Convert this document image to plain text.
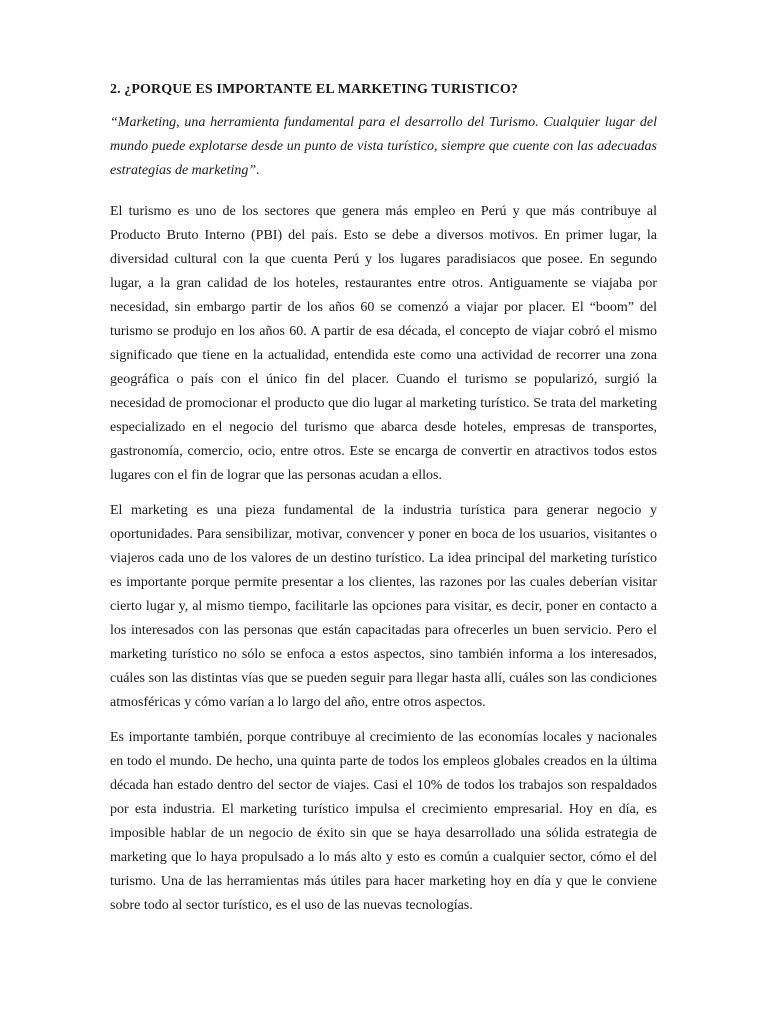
2. ¿PORQUE ES IMPORTANTE EL MARKETING TURISTICO?

“Marketing, una herramienta fundamental para el desarrollo del Turismo. Cualquier lugar del mundo puede explotarse desde un punto de vista turístico, siempre que cuente con las adecuadas estrategias de marketing”.

El turismo es uno de los sectores que genera más empleo en Perú y que más contribuye al Producto Bruto Interno (PBI) del país. Esto se debe a diversos motivos. En primer lugar, la diversidad cultural con la que cuenta Perú y los lugares paradisiacos que posee. En segundo lugar, a la gran calidad de los hoteles, restaurantes entre otros. Antiguamente se viajaba por necesidad, sin embargo partir de los años 60 se comenzó a viajar por placer. El “boom” del turismo se produjo en los años 60. A partir de esa década, el concepto de viajar cobró el mismo significado que tiene en la actualidad, entendida este como una actividad de recorrer una zona geográfica o país con el único fin del placer. Cuando el turismo se popularizó, surgió la necesidad de promocionar el producto que dio lugar al marketing turístico. Se trata del marketing especializado en el negocio del turismo que abarca desde hoteles, empresas de transportes, gastronomía, comercio, ocio, entre otros. Este se encarga de convertir en atractivos todos estos lugares con el fin de lograr que las personas acudan a ellos.

El marketing es una pieza fundamental de la industria turística para generar negocio y oportunidades. Para sensibilizar, motivar, convencer y poner en boca de los usuarios, visitantes o viajeros cada uno de los valores de un destino turístico. La idea principal del marketing turístico es importante porque permite presentar a los clientes, las razones por las cuales deberían visitar cierto lugar y, al mismo tiempo, facilitarle las opciones para visitar, es decir, poner en contacto a los interesados con las personas que están capacitadas para ofrecerles un buen servicio. Pero el marketing turístico no sólo se enfoca a estos aspectos, sino también informa a los interesados, cuáles son las distintas vías que se pueden seguir para llegar hasta allí, cuáles son las condiciones atmosféricas y cómo varían a lo largo del año, entre otros aspectos.

Es importante también, porque contribuye al crecimiento de las economías locales y nacionales en todo el mundo. De hecho, una quinta parte de todos los empleos globales creados en la última década han estado dentro del sector de viajes. Casi el 10% de todos los trabajos son respaldados por esta industria. El marketing turístico impulsa el crecimiento empresarial. Hoy en día, es imposible hablar de un negocio de éxito sin que se haya desarrollado una sólida estrategia de marketing que lo haya propulsado a lo más alto y esto es común a cualquier sector, cómo el del turismo. Una de las herramientas más útiles para hacer marketing hoy en día y que le conviene sobre todo al sector turístico, es el uso de las nuevas tecnologías.
